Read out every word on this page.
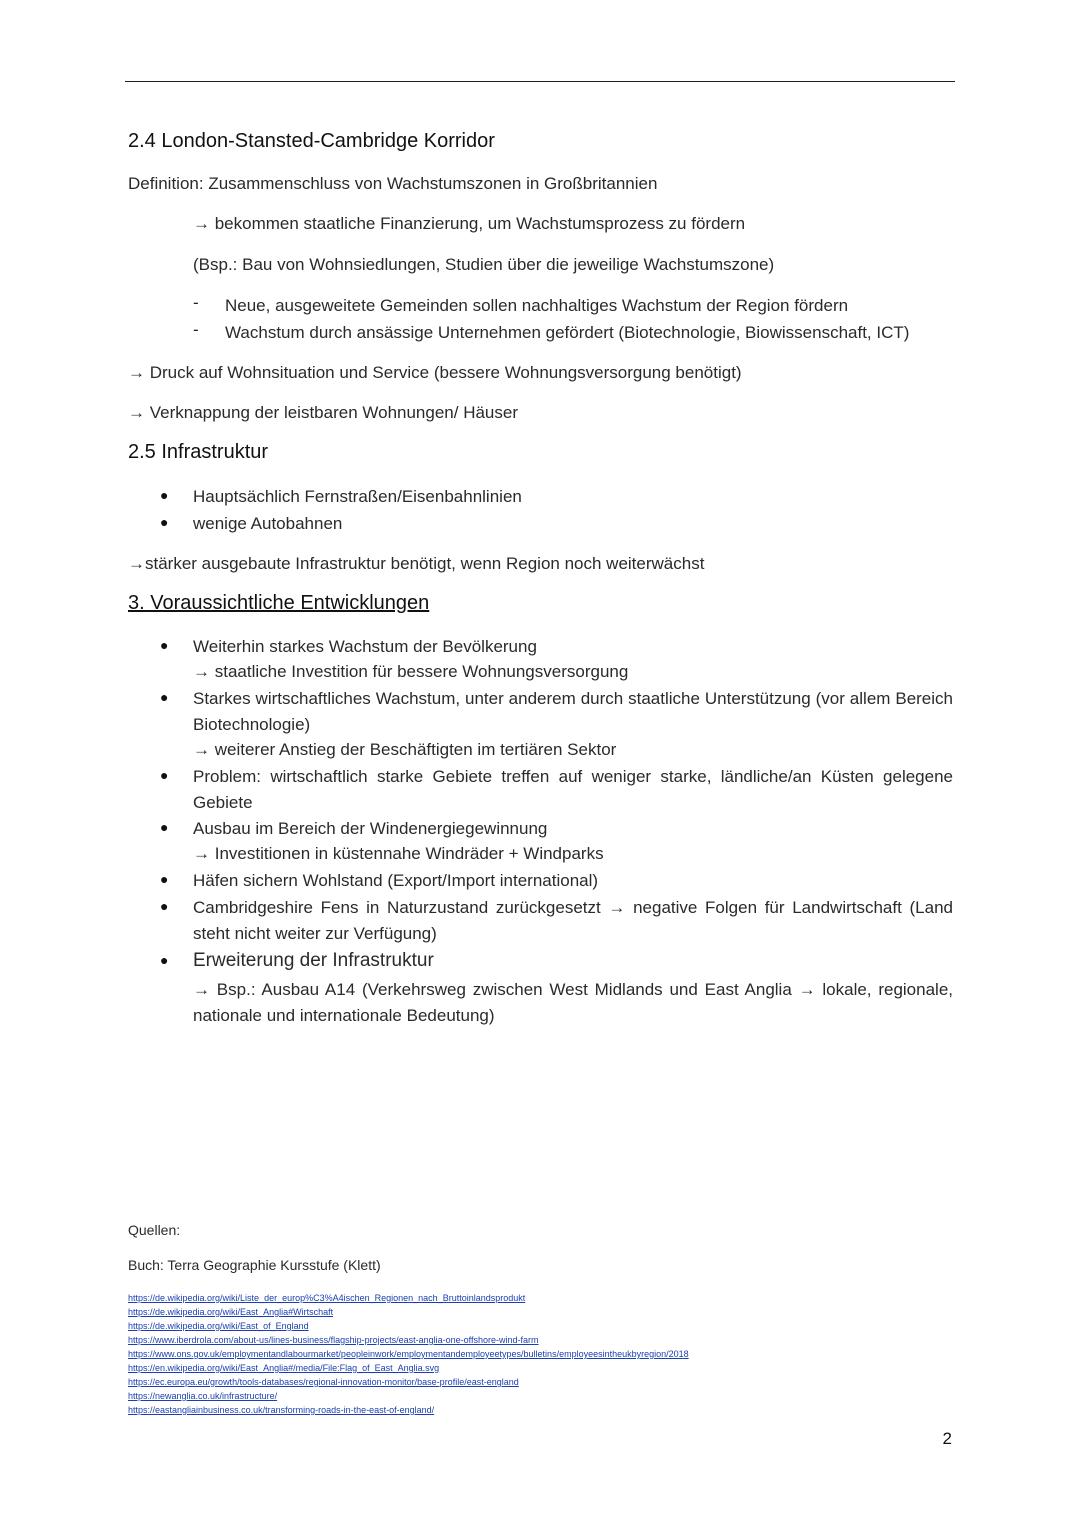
2.4 London-Stansted-Cambridge Korridor
Definition: Zusammenschluss von Wachstumszonen in Großbritannien
→ bekommen staatliche Finanzierung, um Wachstumsprozess zu fördern
(Bsp.: Bau von Wohnsiedlungen, Studien über die jeweilige Wachstumszone)
- Neue, ausgeweitete Gemeinden sollen nachhaltiges Wachstum der Region fördern
- Wachstum durch ansässige Unternehmen gefördert (Biotechnologie, Biowissenschaft, ICT)
→ Druck auf Wohnsituation und Service (bessere Wohnungsversorgung benötigt)
→ Verknappung der leistbaren Wohnungen/ Häuser
2.5 Infrastruktur
● Hauptsächlich Fernstraßen/Eisenbahnlinien
● wenige Autobahnen
→stärker ausgebaute Infrastruktur benötigt, wenn Region noch weiterwächst
3. Voraussichtliche Entwicklungen
● Weiterhin starkes Wachstum der Bevölkerung
→ staatliche Investition für bessere Wohnungsversorgung
● Starkes wirtschaftliches Wachstum, unter anderem durch staatliche Unterstützung (vor allem Bereich Biotechnologie)
→ weiterer Anstieg der Beschäftigten im tertiären Sektor
● Problem: wirtschaftlich starke Gebiete treffen auf weniger starke, ländliche/an Küsten gelegene Gebiete
● Ausbau im Bereich der Windenergiegewinnung
→ Investitionen in küstennahe Windräder + Windparks
● Häfen sichern Wohlstand (Export/Import international)
● Cambridgeshire Fens in Naturzustand zurückgesetzt → negative Folgen für Landwirtschaft (Land steht nicht weiter zur Verfügung)
● Erweiterung der Infrastruktur
→ Bsp.: Ausbau A14 (Verkehrsweg zwischen West Midlands und East Anglia → lokale, regionale, nationale und internationale Bedeutung)
Quellen:
Buch: Terra Geographie Kursstufe (Klett)
https://de.wikipedia.org/wiki/Liste_der_europ%C3%A4ischen_Regionen_nach_Bruttoinlandsprodukt
https://de.wikipedia.org/wiki/East_Anglia#Wirtschaft
https://de.wikipedia.org/wiki/East_of_England
https://www.iberdrola.com/about-us/lines-business/flagship-projects/east-anglia-one-offshore-wind-farm
https://www.ons.gov.uk/employmentandlabourmarket/peopleinwork/employmentandemployeetypes/bulletins/employeesintheukbyregion/2018
https://en.wikipedia.org/wiki/East_Anglia#/media/File:Flag_of_East_Anglia.svg
https://ec.europa.eu/growth/tools-databases/regional-innovation-monitor/base-profile/east-england
https://newanglia.co.uk/infrastructure/
https://eastangliainbusiness.co.uk/transforming-roads-in-the-east-of-england/
2
